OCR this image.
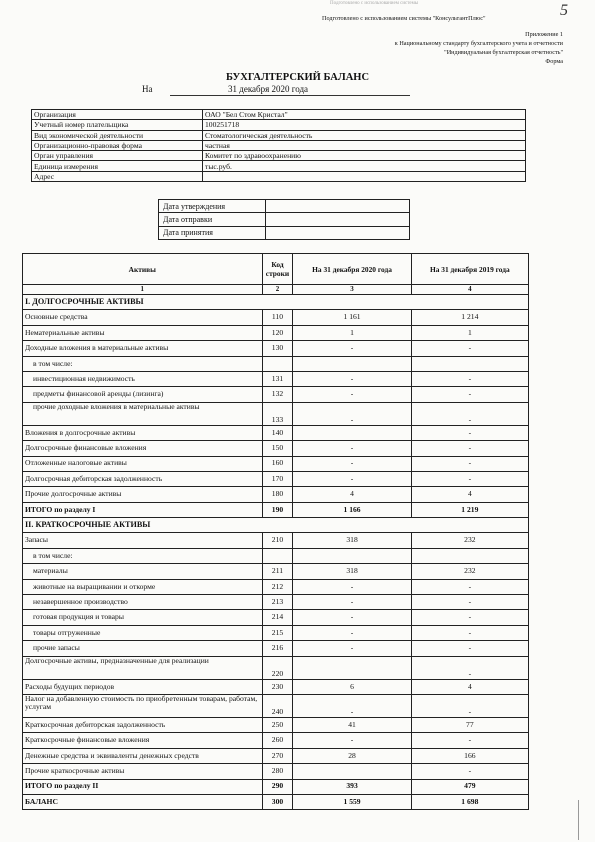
Подготовлено с использованием системы	5
Подготовлено с использованием системы "КонсультантПлюс"
Приложение 1
к Национальному стандарту бухгалтерского учета и отчетности
"Индивидуальная бухгалтерская отчетность"
Форма
БУХГАЛТЕРСКИЙ БАЛАНС
На	31 декабря 2020 года
Организация	ОАО "Бел Стом Кристал"
Учетный номер плательщика	100251718
Вид экономической деятельности	Стоматологическая деятельность
Организационно-правовая форма	частная
Орган управления	Комитет по здравоохранению
Единица измерения	тыс.руб.
Адрес	
Дата утверждения	
Дата отправки	
Дата принятия	
Активы	Код строки	На 31 декабря 2020 года	На 31 декабря 2019 года
1	2	3	4
I. ДОЛГОСРОЧНЫЕ АКТИВЫ			
Основные средства	110	1 161	1 214
Нематериальные активы	120	1	1
Доходные вложения в материальные активы	130	-	-
в том числе:			
инвестиционная недвижимость	131	-	-
предметы финансовой аренды (лизинга)	132	-	-
прочие доходные вложения в материальные активы	133	-	-
Вложения в долгосрочные активы	140		-
Долгосрочные финансовые вложения	150	-	-
Отложенные налоговые активы	160	-	-
Долгосрочная дебиторская задолженность	170	-	-
Прочие долгосрочные активы	180	4	4
ИТОГО по разделу I	190	1 166	1 219
II. КРАТКОСРОЧНЫЕ АКТИВЫ			
Запасы	210	318	232
в том числе:			
материалы	211	318	232
животные на выращивании и откорме	212	-	-
незавершенное производство	213	-	-
готовая продукция и товары	214	-	-
товары отгруженные	215	-	-
прочие запасы	216	-	-
Долгосрочные активы, предназначенные для реализации	220		-
Расходы будущих периодов	230	6	4
Налог на добавленную стоимость по приобретенным товарам, работам, услугам	240	-	-
Краткосрочная дебиторская задолженность	250	41	77
Краткосрочные финансовые вложения	260	-	-
Денежные средства и эквиваленты денежных средств	270	28	166
Прочие краткосрочные активы	280		-
ИТОГО по разделу II	290	393	479
БАЛАНС	300	1 559	1 698
